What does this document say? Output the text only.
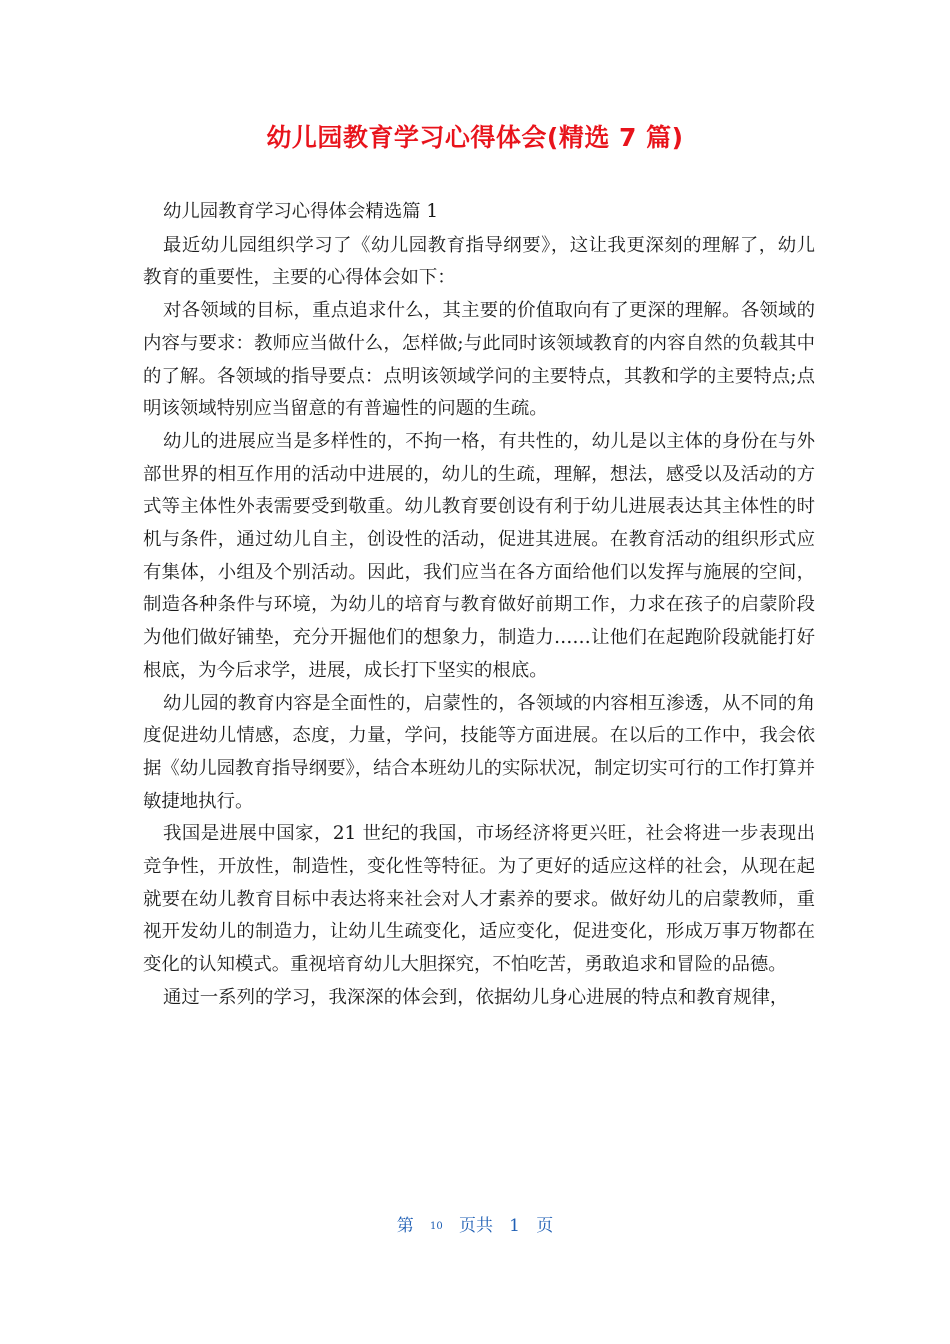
幼儿园教育学习心得体会(精选 7 篇)

幼儿园教育学习心得体会精选篇 1

最近幼儿园组织学习了《幼儿园教育指导纲要》，这让我更深刻的理解了，幼儿教育的重要性，主要的心得体会如下：

对各领域的目标，重点追求什么，其主要的价值取向有了更深的理解。各领域的内容与要求：教师应当做什么，怎样做;与此同时该领域教育的内容自然的负载其中的了解。各领域的指导要点：点明该领域学问的主要特点，其教和学的主要特点;点明该领域特别应当留意的有普遍性的问题的生疏。

幼儿的进展应当是多样性的，不拘一格，有共性的，幼儿是以主体的身份在与外部世界的相互作用的活动中进展的，幼儿的生疏，理解，想法，感受以及活动的方式等主体性外表需要受到敬重。幼儿教育要创设有利于幼儿进展表达其主体性的时机与条件，通过幼儿自主，创设性的活动，促进其进展。在教育活动的组织形式应有集体，小组及个别活动。因此，我们应当在各方面给他们以发挥与施展的空间，制造各种条件与环境，为幼儿的培育与教育做好前期工作，力求在孩子的启蒙阶段为他们做好铺垫，充分开掘他们的想象力，制造力……让他们在起跑阶段就能打好根底，为今后求学，进展，成长打下坚实的根底。

幼儿园的教育内容是全面性的，启蒙性的，各领域的内容相互渗透，从不同的角度促进幼儿情感，态度，力量，学问，技能等方面进展。在以后的工作中，我会依据《幼儿园教育指导纲要》，结合本班幼儿的实际状况，制定切实可行的工作打算并敏捷地执行。

我国是进展中国家，21 世纪的我国，市场经济将更兴旺，社会将进一步表现出竞争性，开放性，制造性，变化性等特征。为了更好的适应这样的社会，从现在起就要在幼儿教育目标中表达将来社会对人才素养的要求。做好幼儿的启蒙教师，重视开发幼儿的制造力，让幼儿生疏变化，适应变化，促进变化，形成万事万物都在变化的认知模式。重视培育幼儿大胆探究，不怕吃苦，勇敢追求和冒险的品德。

通过一系列的学习，我深深的体会到，依据幼儿身心进展的特点和教育规律，

第 10 页共 1 页
